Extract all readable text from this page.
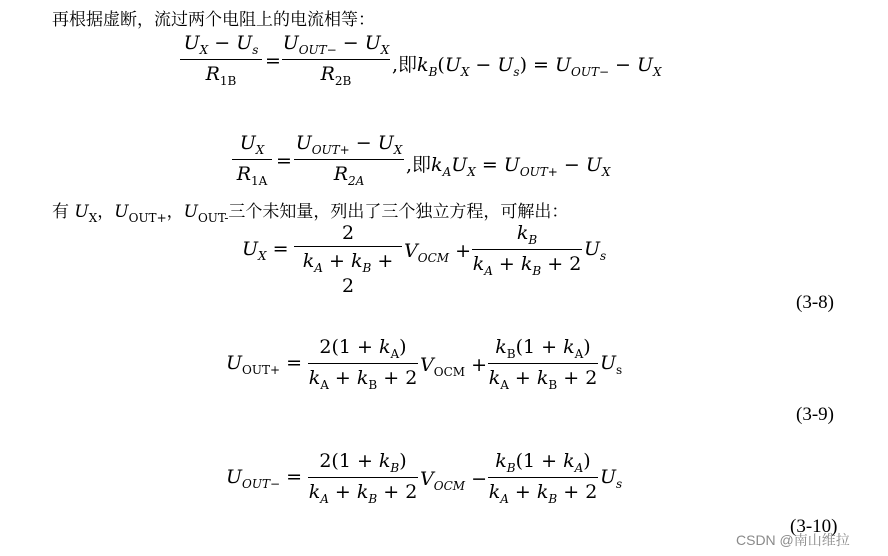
再根据虚断，流过两个电阻上的电流相等：
$U_X - U_s$
$R_{1B}$
=
$U_{OUT-} - U_X$
$R_{2B}$
,即$k_B(U_X - U_s) = U_{OUT-} - U_X$
$U_X$
$R_{1A}$
=
$U_{OUT+} - U_X$
$R_{2A}$
,即$k_AU_X = U_{OUT+} - U_X$
有 $U_X$，$U_{OUT+}$，$U_{OUT-}$三个未知量，列出了三个独立方程，可解出：
$U_X$ =
2
$k_A + k_B + 2$
$V_{OCM}$ +
$k_B$
$k_A + k_B + 2$
$U_s$
(3-8)
$U_{OUT+}$ =
$2(1 + k_A)$
$k_A + k_B + 2$
$V_{OCM}$ +
$k_B(1 + k_A)$
$k_A + k_B + 2$
$U_s$
(3-9)
$U_{OUT-}$ =
$2(1 + k_B)$
$k_A + k_B + 2$
$V_{OCM}$ −
$k_B(1 + k_A)$
$k_A + k_B + 2$
$U_s$
(3-10)
CSDN @南山维拉
